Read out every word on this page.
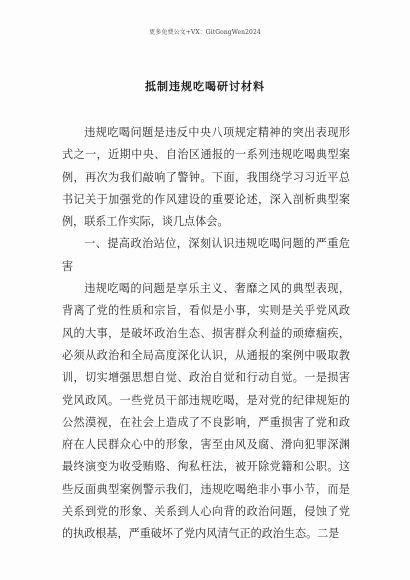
更多免费公文+VX：GitGongWen2024
抵制违规吃喝研讨材料

违规吃喝问题是违反中央八项规定精神的突出表现形式之一，近期中央、自治区通报的一系列违规吃喝典型案例，再次为我们敲响了警钟。下面，我围绕学习习近平总书记关于加强党的作风建设的重要论述，深入剖析典型案例，联系工作实际，谈几点体会。

一、提高政治站位，深刻认识违规吃喝问题的严重危害

违规吃喝的问题是享乐主义、奢靡之风的典型表现，背离了党的性质和宗旨，看似是小事，实则是关乎党风政风的大事，是破坏政治生态、损害群众利益的顽瘴痼疾，必须从政治和全局高度深化认识，从通报的案例中吸取教训，切实增强思想自觉、政治自觉和行动自觉。一是损害党风政风。一些党员干部违规吃喝，是对党的纪律规矩的公然漠视，在社会上造成了不良影响，严重损害了党和政府在人民群众心中的形象，害至由风及腐、滑向犯罪深渊最终演变为收受贿赂、徇私枉法，被开除党籍和公职。这些反面典型案例警示我们，违规吃喝绝非小事小节，而是关系到党的形象、关系到人心向背的政治问题，侵蚀了党的执政根基，严重破坏了党内风清气正的政治生态。二是
